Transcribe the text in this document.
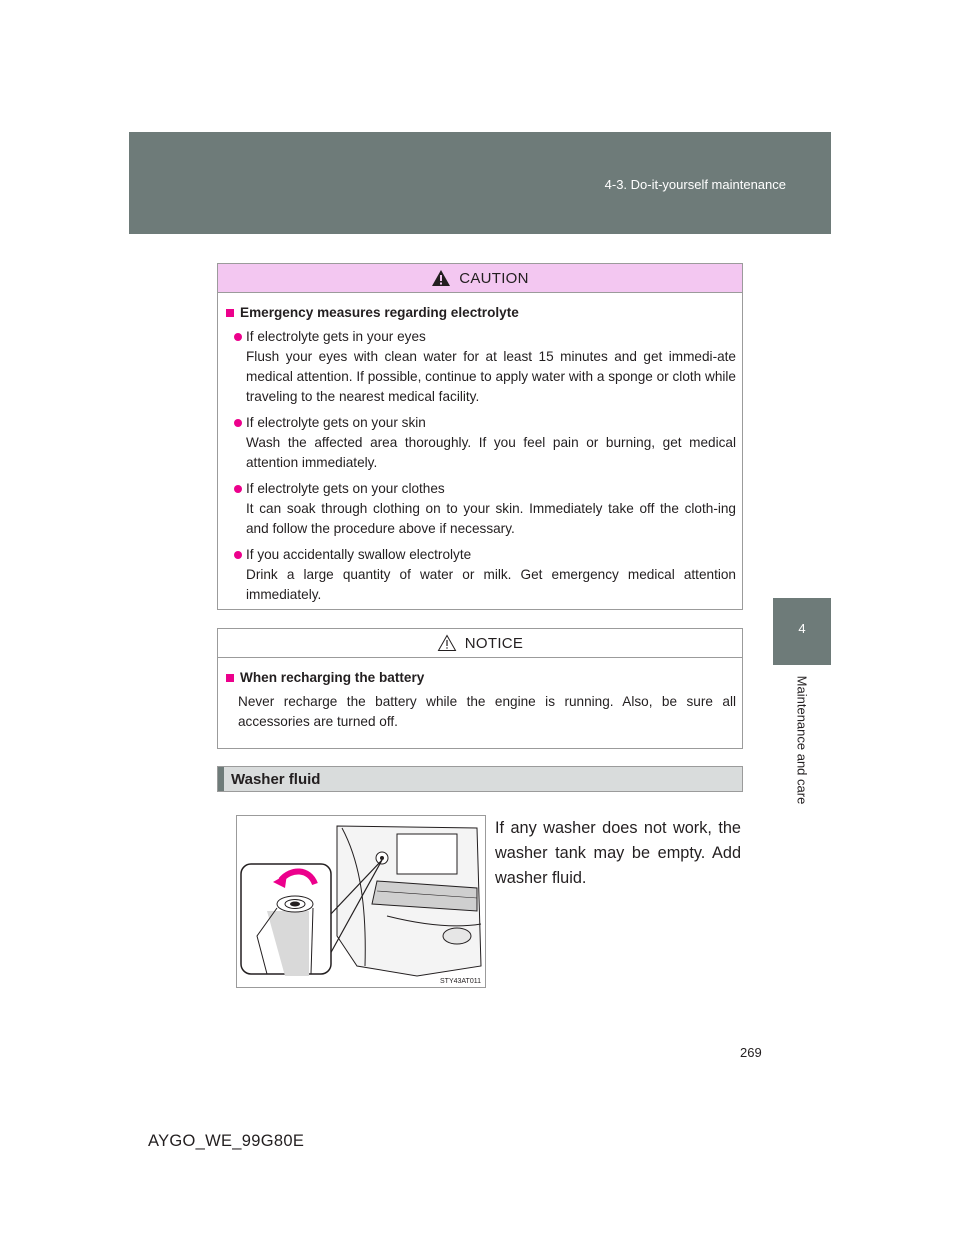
4-3. Do-it-yourself maintenance
4
Maintenance and care
CAUTION
Emergency measures regarding electrolyte
If electrolyte gets in your eyes
Flush your eyes with clean water for at least 15 minutes and get immedi-ate medical attention. If possible, continue to apply water with a sponge or cloth while traveling to the nearest medical facility.
If electrolyte gets on your skin
Wash the affected area thoroughly. If you feel pain or burning, get medical attention immediately.
If electrolyte gets on your clothes
It can soak through clothing on to your skin. Immediately take off the cloth-ing and follow the procedure above if necessary.
If you accidentally swallow electrolyte
Drink a large quantity of water or milk. Get emergency medical attention immediately.
NOTICE
When recharging the battery
Never recharge the battery while the engine is running. Also, be sure all accessories are turned off.
Washer fluid
STY43AT011
If any washer does not work, the washer tank may be empty. Add washer fluid.
269
AYGO_WE_99G80E
